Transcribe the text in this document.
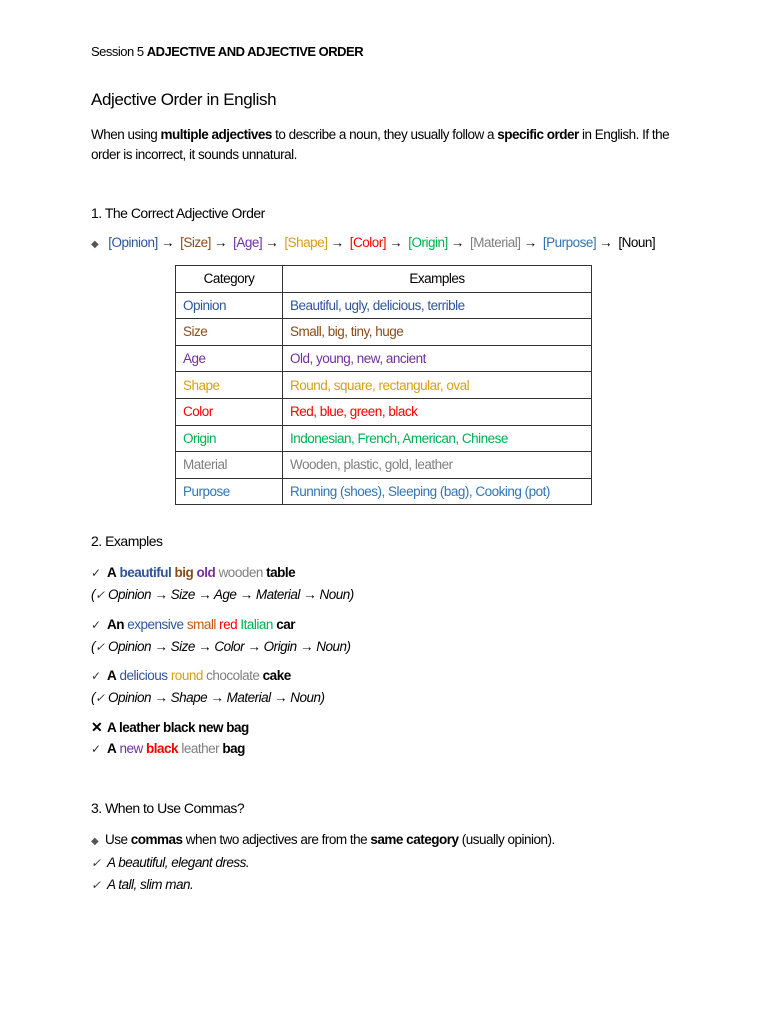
Session 5 ADJECTIVE AND ADJECTIVE ORDER
Adjective Order in English
When using multiple adjectives to describe a noun, they usually follow a specific order in English. If the order is incorrect, it sounds unnatural.
1. The Correct Adjective Order
◆ [Opinion] → [Size] → [Age] → [Shape] → [Color] → [Origin] → [Material] → [Purpose] → [Noun]
Category	Examples
Opinion	Beautiful, ugly, delicious, terrible
Size	Small, big, tiny, huge
Age	Old, young, new, ancient
Shape	Round, square, rectangular, oval
Color	Red, blue, green, black
Origin	Indonesian, French, American, Chinese
Material	Wooden, plastic, gold, leather
Purpose	Running (shoes), Sleeping (bag), Cooking (pot)
2. Examples
✓ A beautiful big old wooden table
(✓ Opinion → Size → Age → Material → Noun)
✓ An expensive small red Italian car
(✓ Opinion → Size → Color → Origin → Noun)
✓ A delicious round chocolate cake
(✓ Opinion → Shape → Material → Noun)
✕ A leather black new bag
✓ A new black leather bag
3. When to Use Commas?
◆ Use commas when two adjectives are from the same category (usually opinion).
✓ A beautiful, elegant dress.
✓ A tall, slim man.
